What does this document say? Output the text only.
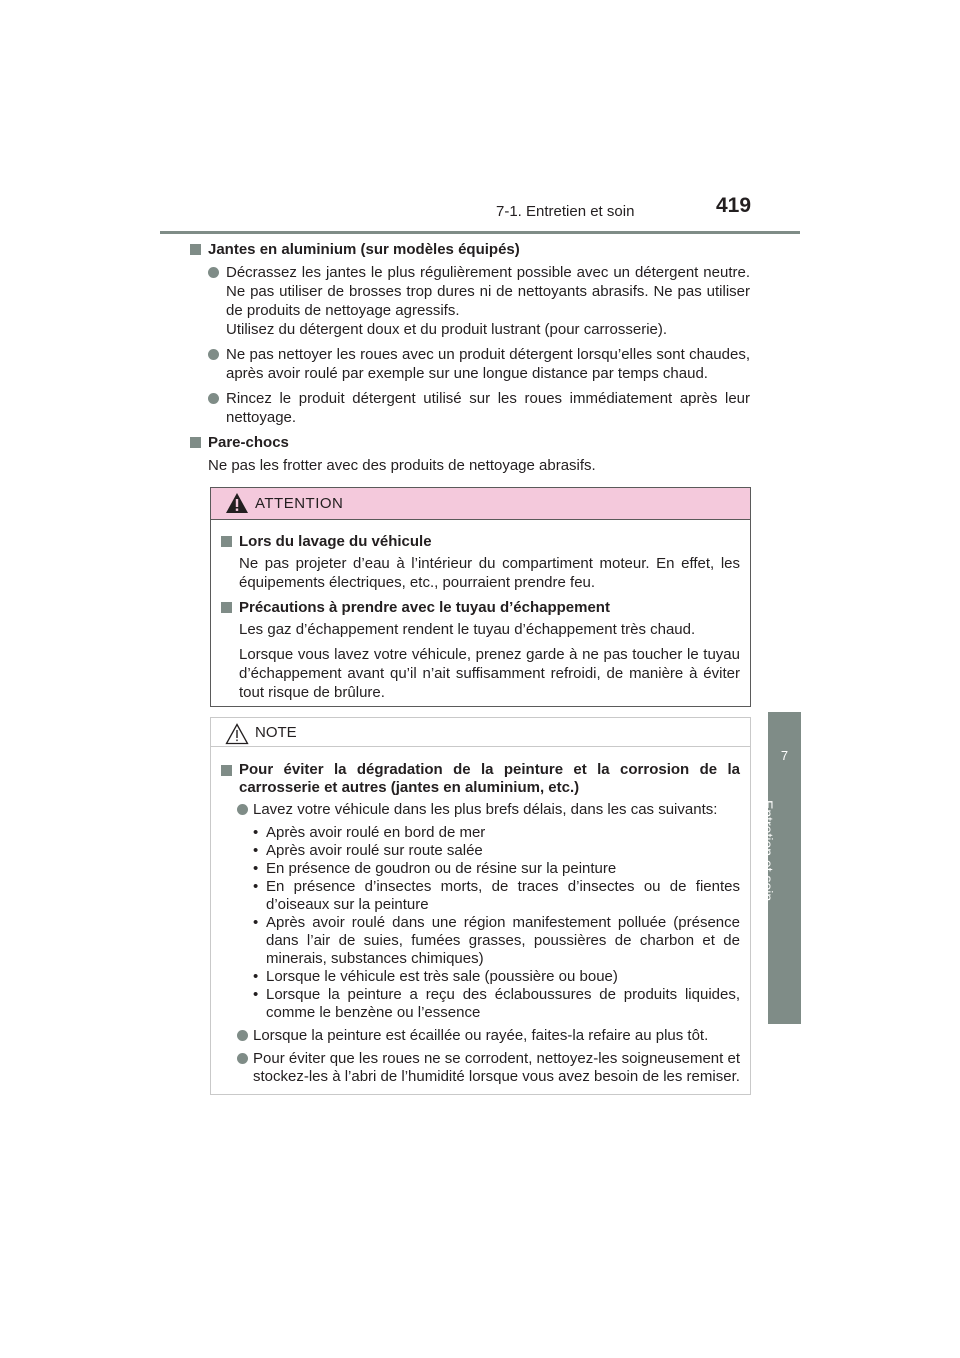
7-1. Entretien et soin	419
7
Entretien et soin
Jantes en aluminium (sur modèles équipés)
Décrassez les jantes le plus régulièrement possible avec un détergent neutre. Ne pas utiliser de brosses trop dures ni de nettoyants abrasifs. Ne pas utiliser de produits de nettoyage agressifs.
Utilisez du détergent doux et du produit lustrant (pour carrosserie).
Ne pas nettoyer les roues avec un produit détergent lorsqu’elles sont chaudes, après avoir roulé par exemple sur une longue distance par temps chaud.
Rincez le produit détergent utilisé sur les roues immédiatement après leur nettoyage.
Pare-chocs

Ne pas les frotter avec des produits de nettoyage abrasifs.

ATTENTION
Lors du lavage du véhicule

Ne pas projeter d’eau à l’intérieur du compartiment moteur. En effet, les équipements électriques, etc., pourraient prendre feu.

Précautions à prendre avec le tuyau d’échappement

Les gaz d’échappement rendent le tuyau d’échappement très chaud.

Lorsque vous lavez votre véhicule, prenez garde à ne pas toucher le tuyau d’échappement avant qu’il n’ait suffisamment refroidi, de manière à éviter tout risque de brûlure.

NOTE
Pour éviter la dégradation de la peinture et la corrosion de la carrosserie et autres (jantes en aluminium, etc.)
Lavez votre véhicule dans les plus brefs délais, dans les cas suivants:
• Après avoir roulé en bord de mer
• Après avoir roulé sur route salée
• En présence de goudron ou de résine sur la peinture
• En présence d’insectes morts, de traces d’insectes ou de fientes d’oiseaux sur la peinture
• Après avoir roulé dans une région manifestement polluée (présence dans l’air de suies, fumées grasses, poussières de charbon et de minerais, substances chimiques)
• Lorsque le véhicule est très sale (poussière ou boue)
• Lorsque la peinture a reçu des éclaboussures de produits liquides, comme le benzène ou l’essence
Lorsque la peinture est écaillée ou rayée, faites-la refaire au plus tôt.
Pour éviter que les roues ne se corrodent, nettoyez-les soigneusement et stockez-les à l’abri de l’humidité lorsque vous avez besoin de les remiser.
